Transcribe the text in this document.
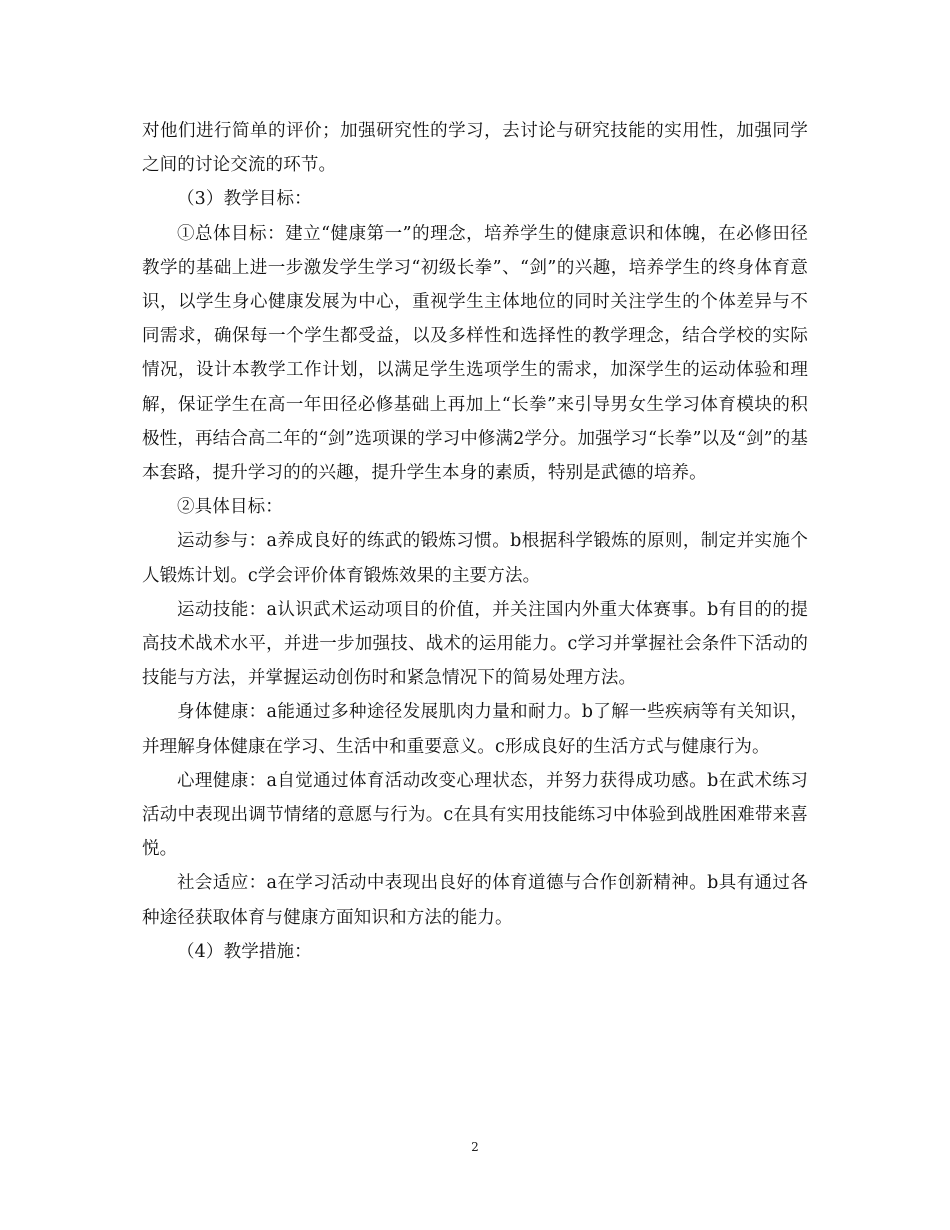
对他们进行简单的评价；加强研究性的学习，去讨论与研究技能的实用性，加强同学之间的讨论交流的环节。

（3）教学目标：

①总体目标：建立“健康第一”的理念，培养学生的健康意识和体魄，在必修田径教学的基础上进一步激发学生学习“初级长拳”、“剑”的兴趣，培养学生的终身体育意识，以学生身心健康发展为中心，重视学生主体地位的同时关注学生的个体差异与不同需求，确保每一个学生都受益，以及多样性和选择性的教学理念，结合学校的实际情况，设计本教学工作计划，以满足学生选项学生的需求，加深学生的运动体验和理解，保证学生在高一年田径必修基础上再加上“长拳”来引导男女生学习体育模块的积极性，再结合高二年的“剑”选项课的学习中修满2学分。加强学习“长拳”以及“剑”的基本套路，提升学习的的兴趣，提升学生本身的素质，特别是武德的培养。

②具体目标：

运动参与：a养成良好的练武的锻炼习惯。b根据科学锻炼的原则，制定并实施个人锻炼计划。c学会评价体育锻炼效果的主要方法。

运动技能：a认识武术运动项目的价值，并关注国内外重大体赛事。b有目的的提高技术战术水平，并进一步加强技、战术的运用能力。c学习并掌握社会条件下活动的技能与方法，并掌握运动创伤时和紧急情况下的简易处理方法。

身体健康：a能通过多种途径发展肌肉力量和耐力。b了解一些疾病等有关知识，并理解身体健康在学习、生活中和重要意义。c形成良好的生活方式与健康行为。

心理健康：a自觉通过体育活动改变心理状态，并努力获得成功感。b在武术练习活动中表现出调节情绪的意愿与行为。c在具有实用技能练习中体验到战胜困难带来喜悦。

社会适应：a在学习活动中表现出良好的体育道德与合作创新精神。b具有通过各种途径获取体育与健康方面知识和方法的能力。

（4）教学措施：

2
